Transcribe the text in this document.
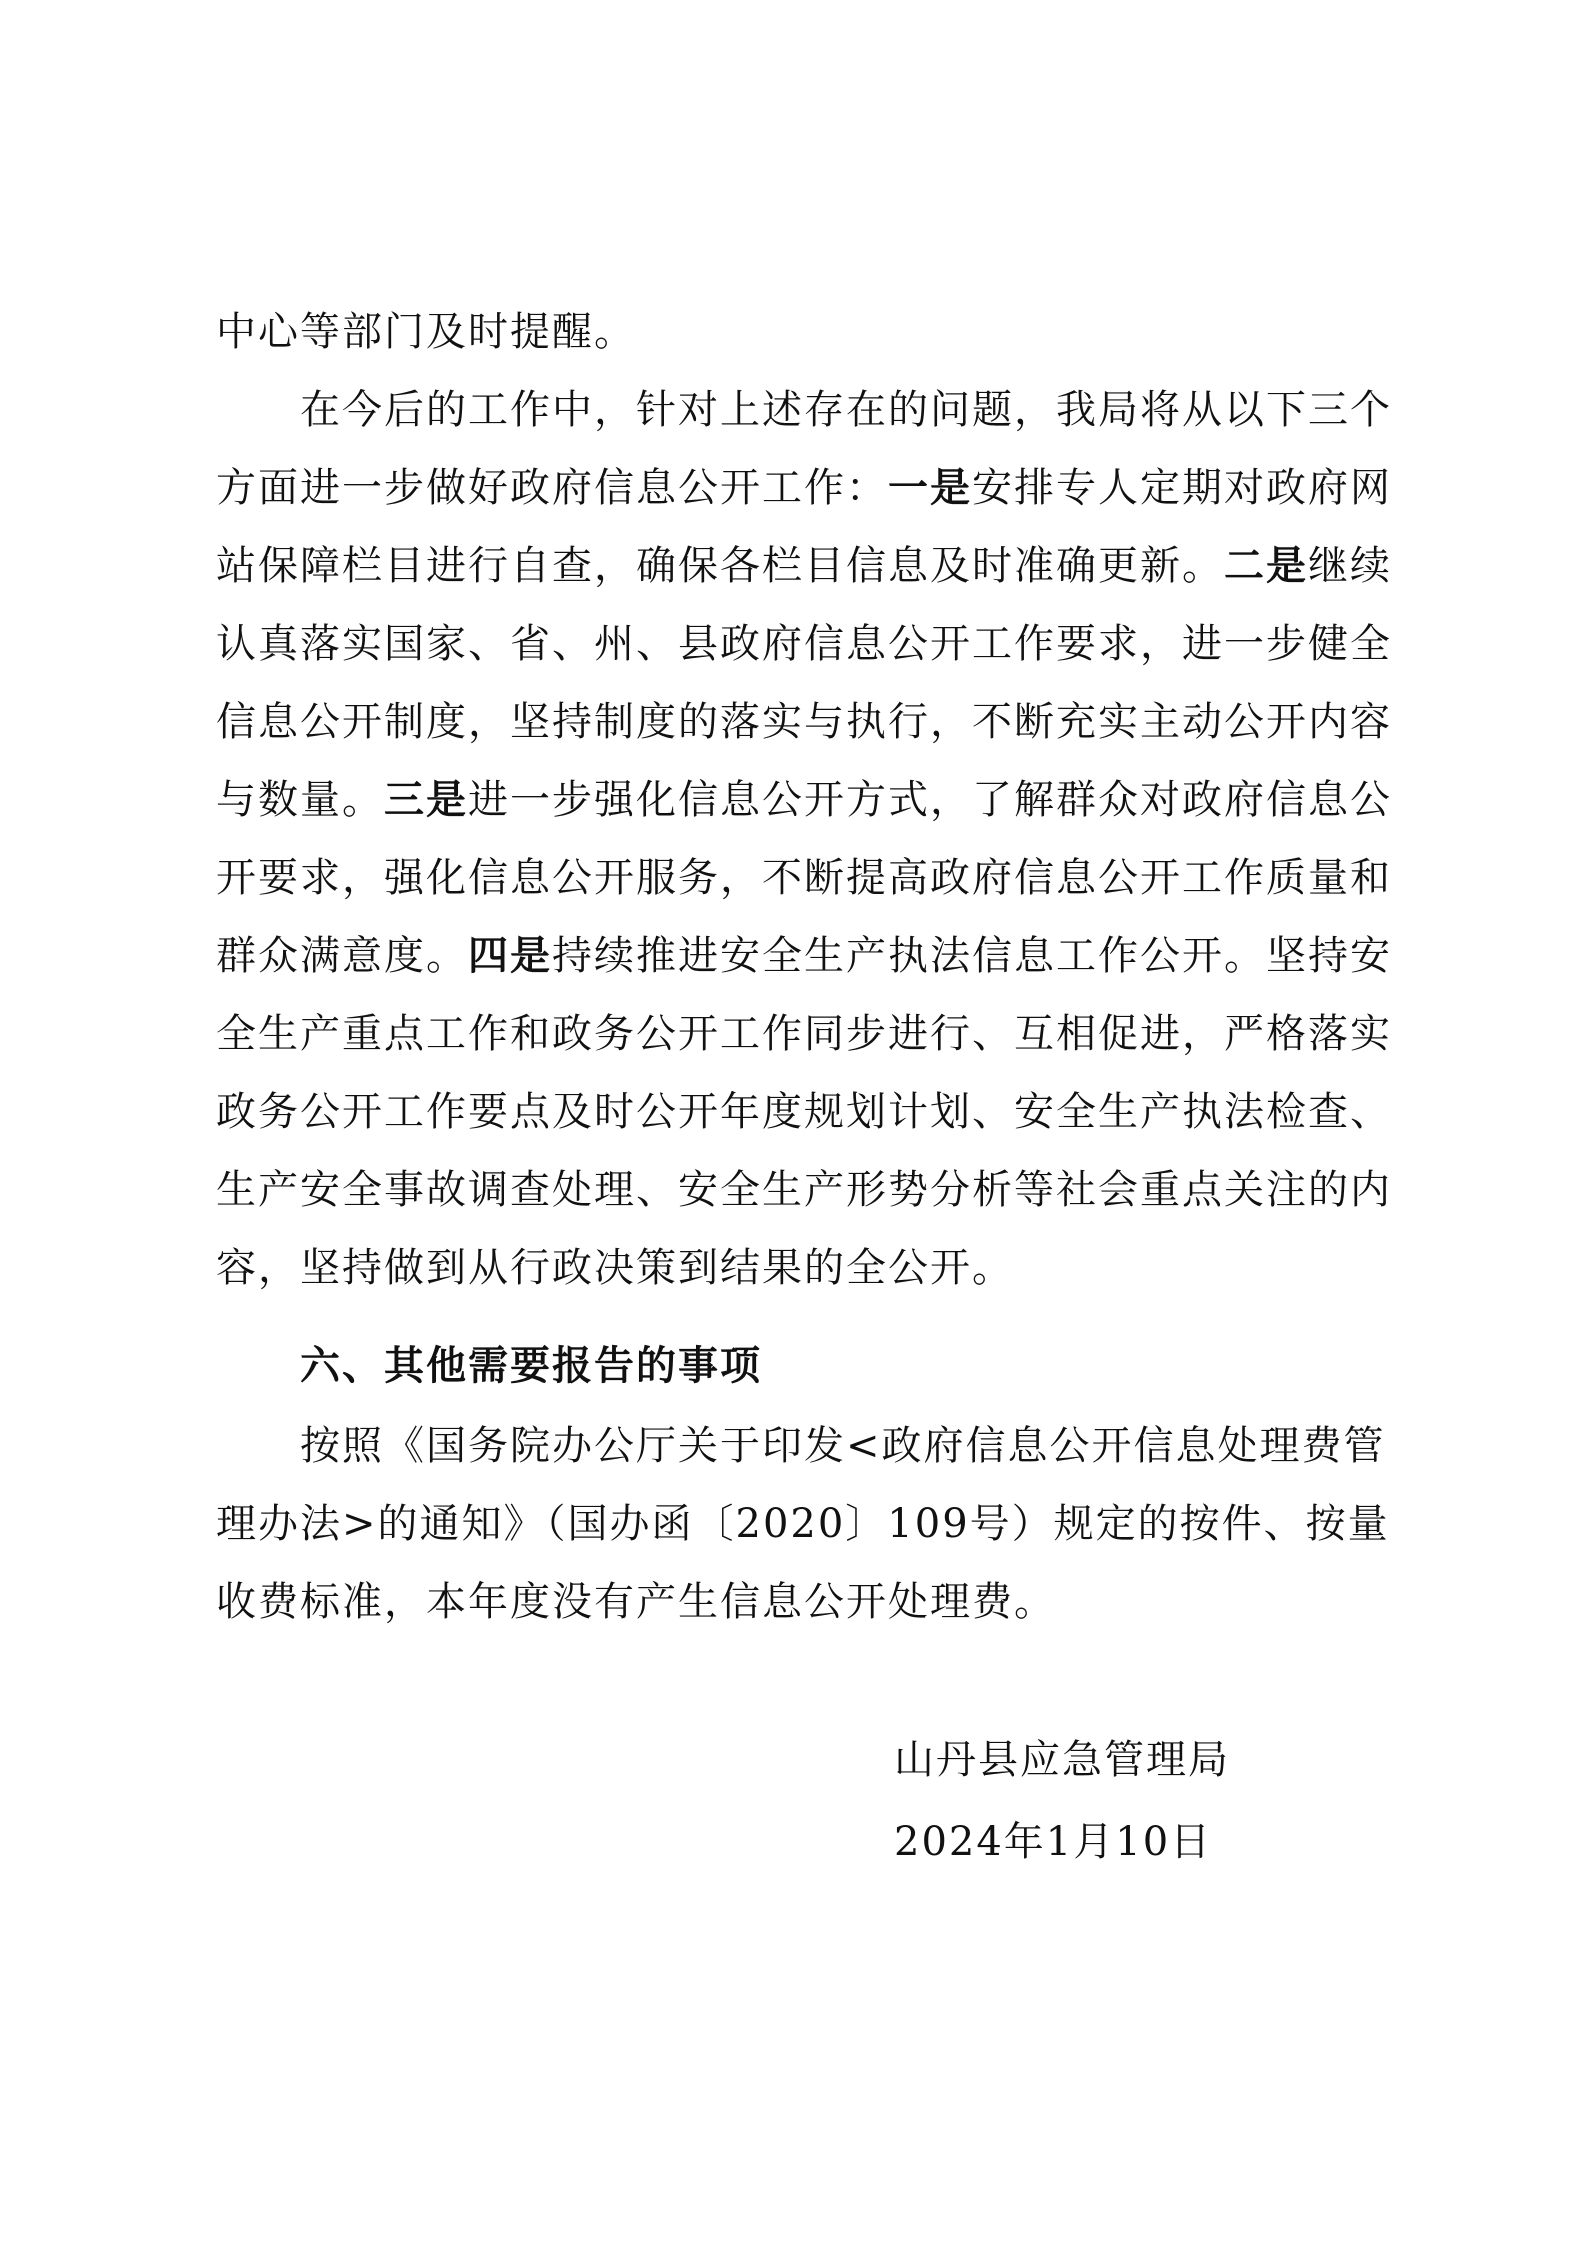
中心等部门及时提醒。
在今后的工作中，针对上述存在的问题，我局将从以下三个
方面进一步做好政府信息公开工作：一是安排专人定期对政府网
站保障栏目进行自查，确保各栏目信息及时准确更新。二是继续
认真落实国家、省、州、县政府信息公开工作要求，进一步健全
信息公开制度，坚持制度的落实与执行，不断充实主动公开内容
与数量。三是进一步强化信息公开方式，了解群众对政府信息公
开要求，强化信息公开服务，不断提高政府信息公开工作质量和
群众满意度。四是持续推进安全生产执法信息工作公开。坚持安
全生产重点工作和政务公开工作同步进行、互相促进，严格落实
政务公开工作要点及时公开年度规划计划、安全生产执法检查、
生产安全事故调查处理、安全生产形势分析等社会重点关注的内
容，坚持做到从行政决策到结果的全公开。
六、其他需要报告的事项
按照《国务院办公厅关于印发<政府信息公开信息处理费管
理办法>的通知》（国办函〔2020〕109号）规定的按件、按量
收费标准，本年度没有产生信息公开处理费。
山丹县应急管理局
2024年1月10日
